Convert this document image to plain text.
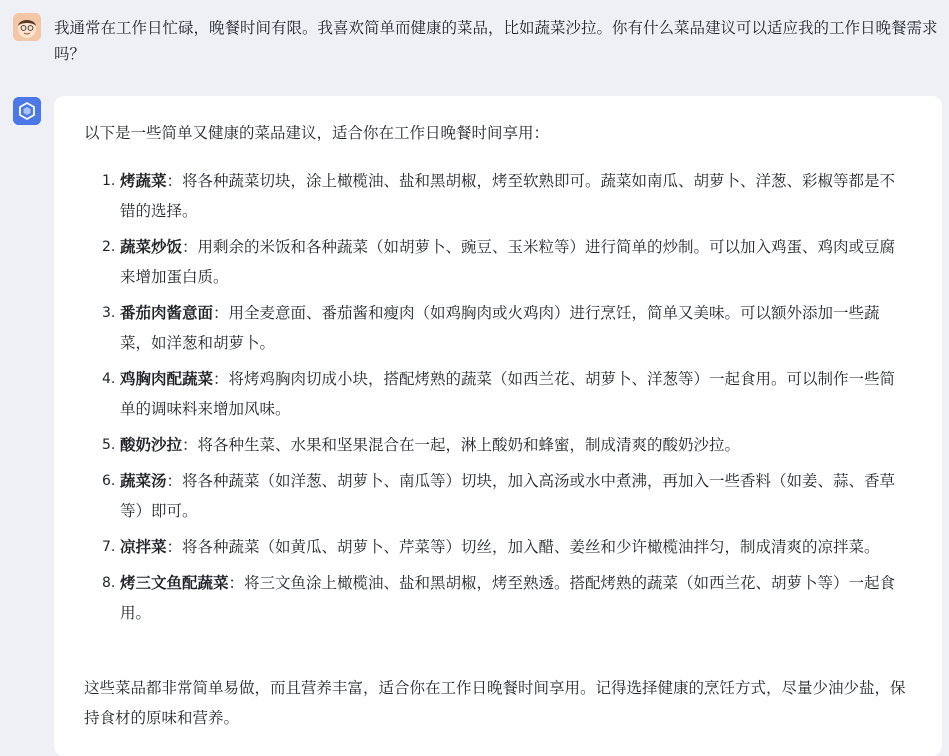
我通常在工作日忙碌，晚餐时间有限。我喜欢简单而健康的菜品，比如蔬菜沙拉。你有什么菜品建议可以适应我的工作日晚餐需求吗？
以下是一些简单又健康的菜品建议，适合你在工作日晚餐时间享用：
1. 烤蔬菜：将各种蔬菜切块，涂上橄榄油、盐和黑胡椒，烤至软熟即可。蔬菜如南瓜、胡萝卜、洋葱、彩椒等都是不错的选择。
2. 蔬菜炒饭：用剩余的米饭和各种蔬菜（如胡萝卜、豌豆、玉米粒等）进行简单的炒制。可以加入鸡蛋、鸡肉或豆腐来增加蛋白质。
3. 番茄肉酱意面：用全麦意面、番茄酱和瘦肉（如鸡胸肉或火鸡肉）进行烹饪，简单又美味。可以额外添加一些蔬菜，如洋葱和胡萝卜。
4. 鸡胸肉配蔬菜：将烤鸡胸肉切成小块，搭配烤熟的蔬菜（如西兰花、胡萝卜、洋葱等）一起食用。可以制作一些简单的调味料来增加风味。
5. 酸奶沙拉：将各种生菜、水果和坚果混合在一起，淋上酸奶和蜂蜜，制成清爽的酸奶沙拉。
6. 蔬菜汤：将各种蔬菜（如洋葱、胡萝卜、南瓜等）切块，加入高汤或水中煮沸，再加入一些香料（如姜、蒜、香草等）即可。
7. 凉拌菜：将各种蔬菜（如黄瓜、胡萝卜、芹菜等）切丝，加入醋、姜丝和少许橄榄油拌匀，制成清爽的凉拌菜。
8. 烤三文鱼配蔬菜：将三文鱼涂上橄榄油、盐和黑胡椒，烤至熟透。搭配烤熟的蔬菜（如西兰花、胡萝卜等）一起食用。
这些菜品都非常简单易做，而且营养丰富，适合你在工作日晚餐时间享用。记得选择健康的烹饪方式，尽量少油少盐，保持食材的原味和营养。
